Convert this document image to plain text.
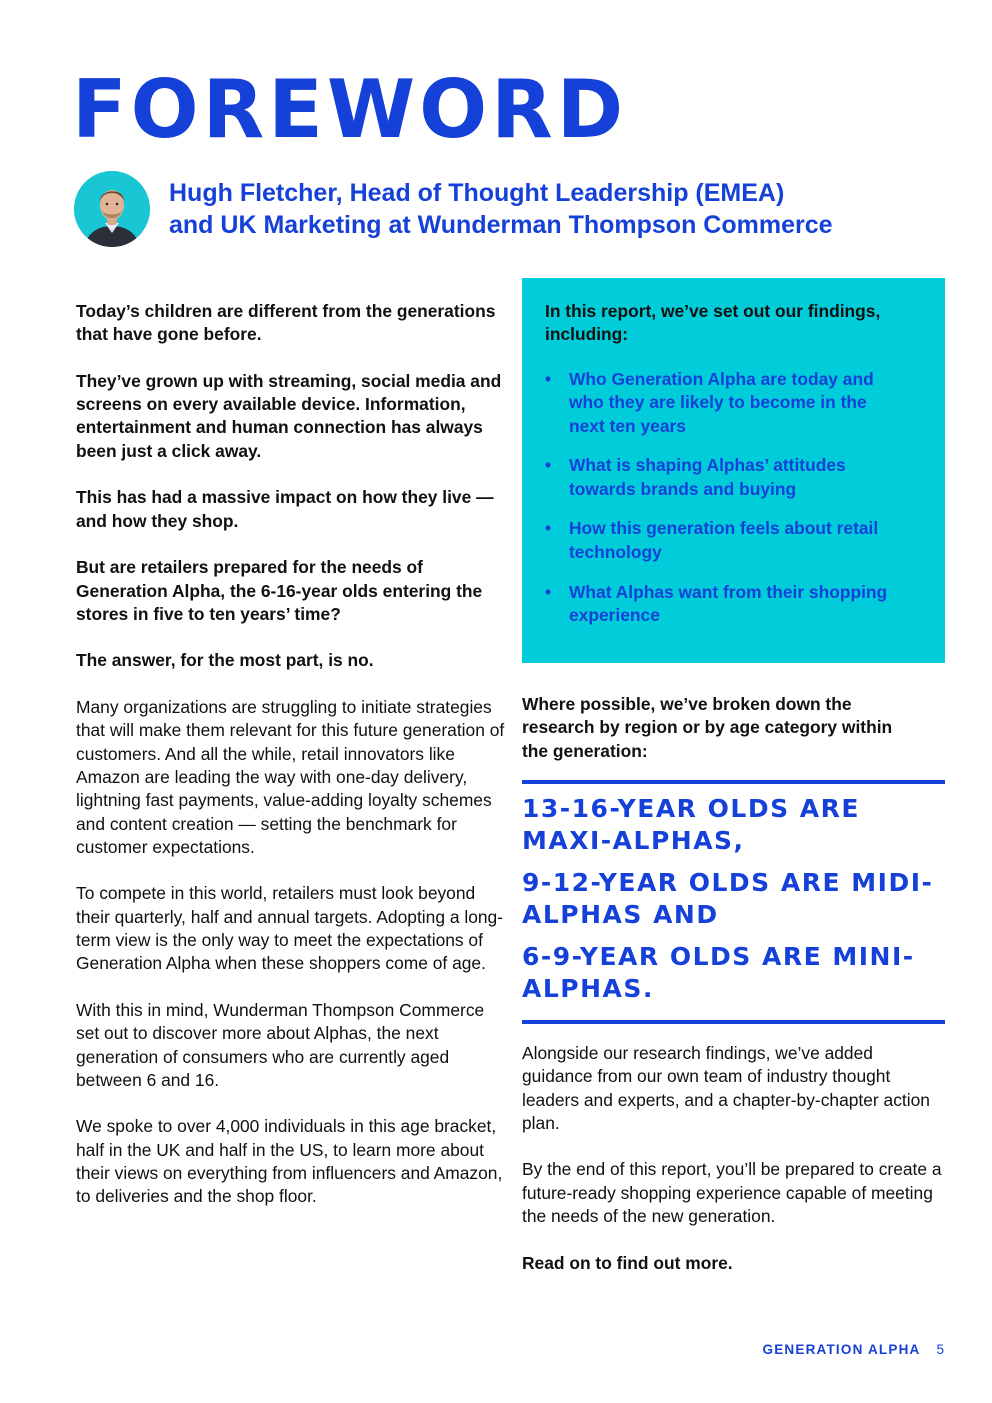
FOREWORD
Hugh Fletcher, Head of Thought Leadership (EMEA)
and UK Marketing at Wunderman Thompson Commerce

Today’s children are different from the generations that have gone before.

They’ve grown up with streaming, social media and screens on every available device. Information, entertainment and human connection has always been just a click away.

This has had a massive impact on how they live — and how they shop.

But are retailers prepared for the needs of Generation Alpha, the 6-16-year olds entering the stores in five to ten years’ time?

The answer, for the most part, is no.

Many organizations are struggling to initiate strategies that will make them relevant for this future generation of customers. And all the while, retail innovators like Amazon are leading the way with one-day delivery, lightning fast payments, value-adding loyalty schemes and content creation — setting the benchmark for customer expectations.

To compete in this world, retailers must look beyond their quarterly, half and annual targets. Adopting a long-term view is the only way to meet the expectations of Generation Alpha when these shoppers come of age.

With this in mind, Wunderman Thompson Commerce set out to discover more about Alphas, the next generation of consumers who are currently aged between 6 and 16.

We spoke to over 4,000 individuals in this age bracket, half in the UK and half in the US, to learn more about their views on everything from influencers and Amazon, to deliveries and the shop floor.

In this report, we’ve set out our findings, including:

• Who Generation Alpha are today and who they are likely to become in the next ten years
• What is shaping Alphas’ attitudes towards brands and buying
• How this generation feels about retail technology
• What Alphas want from their shopping experience

Where possible, we’ve broken down the research by region or by age category within the generation:

13-16-YEAR OLDS ARE MAXI-ALPHAS,

9-12-YEAR OLDS ARE MIDI-ALPHAS AND

6-9-YEAR OLDS ARE MINI-ALPHAS.

Alongside our research findings, we’ve added guidance from our own team of industry thought leaders and experts, and a chapter-by-chapter action plan.

By the end of this report, you’ll be prepared to create a future-ready shopping experience capable of meeting the needs of the new generation.

Read on to find out more.

GENERATION ALPHA 5
